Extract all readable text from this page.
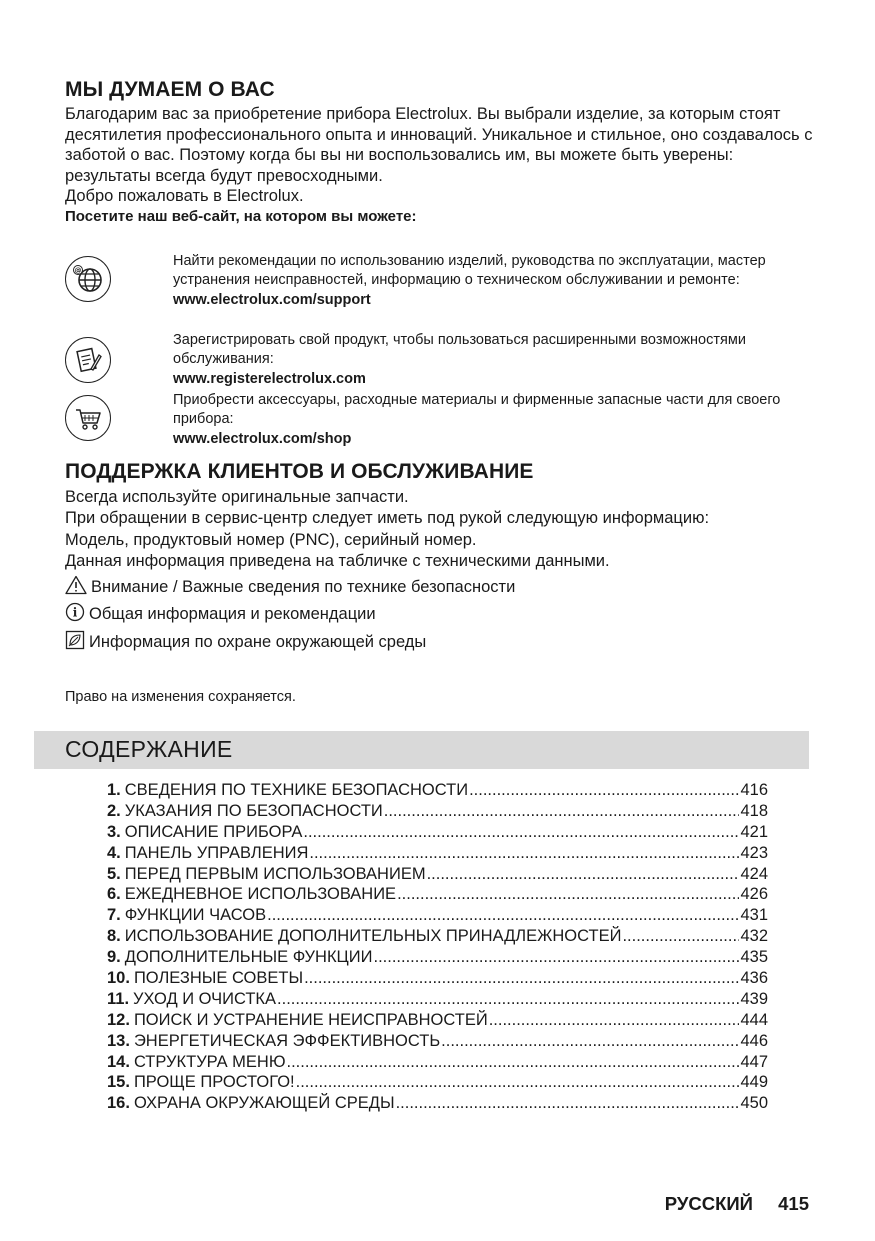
МЫ ДУМАЕМ О ВАС

Благодарим вас за приобретение прибора Electrolux. Вы выбрали изделие, за которым стоят десятилетия профессионального опыта и инноваций. Уникальное и стильное, оно создавалось с заботой о вас. Поэтому когда бы вы ни воспользовались им, вы можете быть уверены: результаты всегда будут превосходными.

Добро пожаловать в Electrolux.

Посетите наш веб-сайт, на котором вы можете:

@
Найти рекомендации по использованию изделий, руководства по эксплуатации, мастер устранения неисправностей, информацию о техническом обслуживании и ремонте:
www.electrolux.com/support
Зарегистрировать свой продукт, чтобы пользоваться расширенными возможностями обслуживания:
www.registerelectrolux.com
Приобрести аксессуары, расходные материалы и фирменные запасные части для своего прибора:
www.electrolux.com/shop
ПОДДЕРЖКА КЛИЕНТОВ И ОБСЛУЖИВАНИЕ

Всегда используйте оригинальные запчасти.

При обращении в сервис-центр следует иметь под рукой следующую информацию:

Модель, продуктовый номер (PNC), серийный номер.

Данная информация приведена на табличке с техническими данными.

Внимание / Важные сведения по технике безопасности
i Общая информация и рекомендации
Информация по охране окружающей среды
Право на изменения сохраняется.
СОДЕРЖАНИЕ
1. СВЕДЕНИЯ ПО ТЕХНИКЕ БЕЗОПАСНОСТИ .....	416
2. УКАЗАНИЯ ПО БЕЗОПАСНОСТИ .....	418
3. ОПИСАНИЕ ПРИБОРА .....	421
4. ПАНЕЛЬ УПРАВЛЕНИЯ .....	423
5. ПЕРЕД ПЕРВЫМ ИСПОЛЬЗОВАНИЕМ .....	424
6. ЕЖЕДНЕВНОЕ ИСПОЛЬЗОВАНИЕ .....	426
7. ФУНКЦИИ ЧАСОВ .....	431
8. ИСПОЛЬЗОВАНИЕ ДОПОЛНИТЕЛЬНЫХ ПРИНАДЛЕЖНОСТЕЙ .....	432
9. ДОПОЛНИТЕЛЬНЫЕ ФУНКЦИИ .....	435
10. ПОЛЕЗНЫЕ СОВЕТЫ .....	436
11. УХОД И ОЧИСТКА .....	439
12. ПОИСК И УСТРАНЕНИЕ НЕИСПРАВНОСТЕЙ .....	444
13. ЭНЕРГЕТИЧЕСКАЯ ЭФФЕКТИВНОСТЬ .....	446
14. СТРУКТУРА МЕНЮ .....	447
15. ПРОЩЕ ПРОСТОГО! .....	449
16. ОХРАНА ОКРУЖАЮЩЕЙ СРЕДЫ .....	450
РУССКИЙ 415
